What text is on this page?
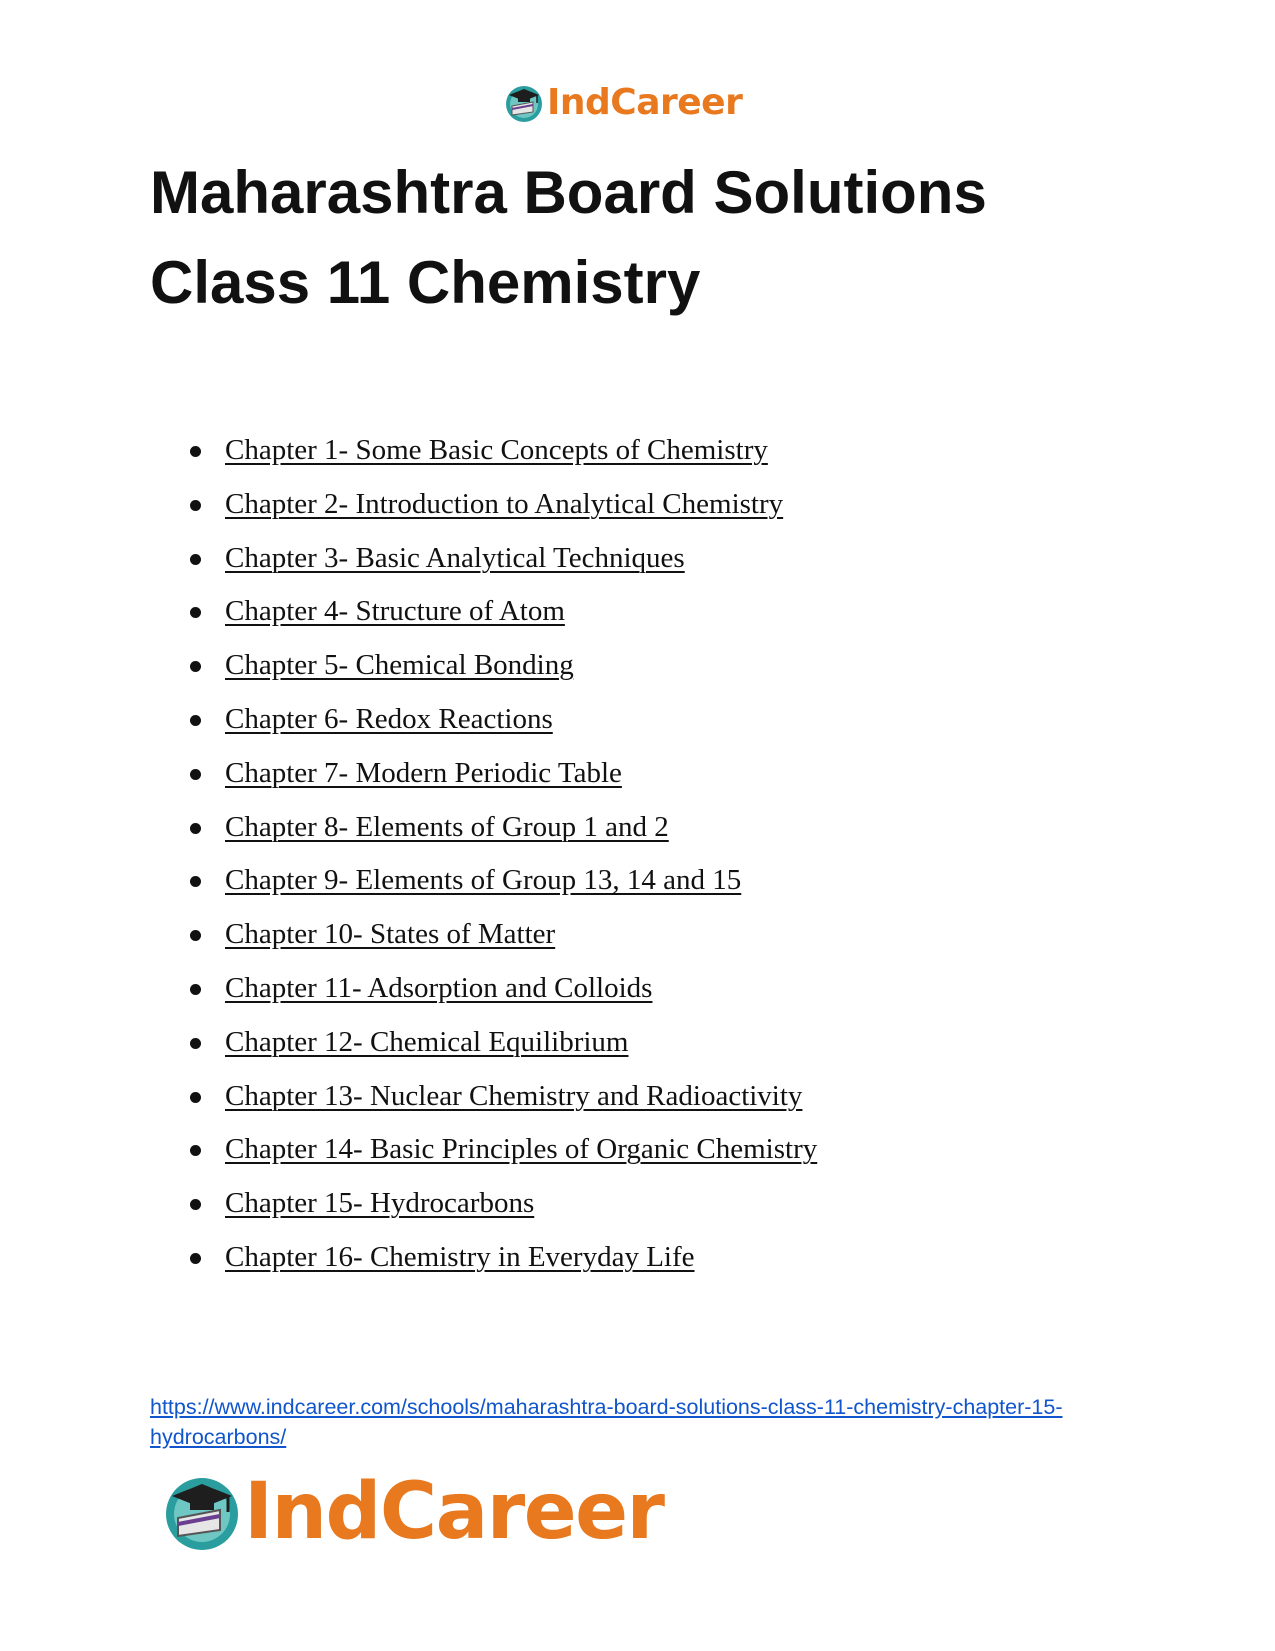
IndCareer
Maharashtra Board Solutions
Class 11 Chemistry
Chapter 1- Some Basic Concepts of Chemistry
Chapter 2- Introduction to Analytical Chemistry
Chapter 3- Basic Analytical Techniques
Chapter 4- Structure of Atom
Chapter 5- Chemical Bonding
Chapter 6- Redox Reactions
Chapter 7- Modern Periodic Table
Chapter 8- Elements of Group 1 and 2
Chapter 9- Elements of Group 13, 14 and 15
Chapter 10- States of Matter
Chapter 11- Adsorption and Colloids
Chapter 12- Chemical Equilibrium
Chapter 13- Nuclear Chemistry and Radioactivity
Chapter 14- Basic Principles of Organic Chemistry
Chapter 15- Hydrocarbons
Chapter 16- Chemistry in Everyday Life
https://www.indcareer.com/schools/maharashtra-board-solutions-class-11-chemistry-chapter-15-hydrocarbons/
IndCareer
